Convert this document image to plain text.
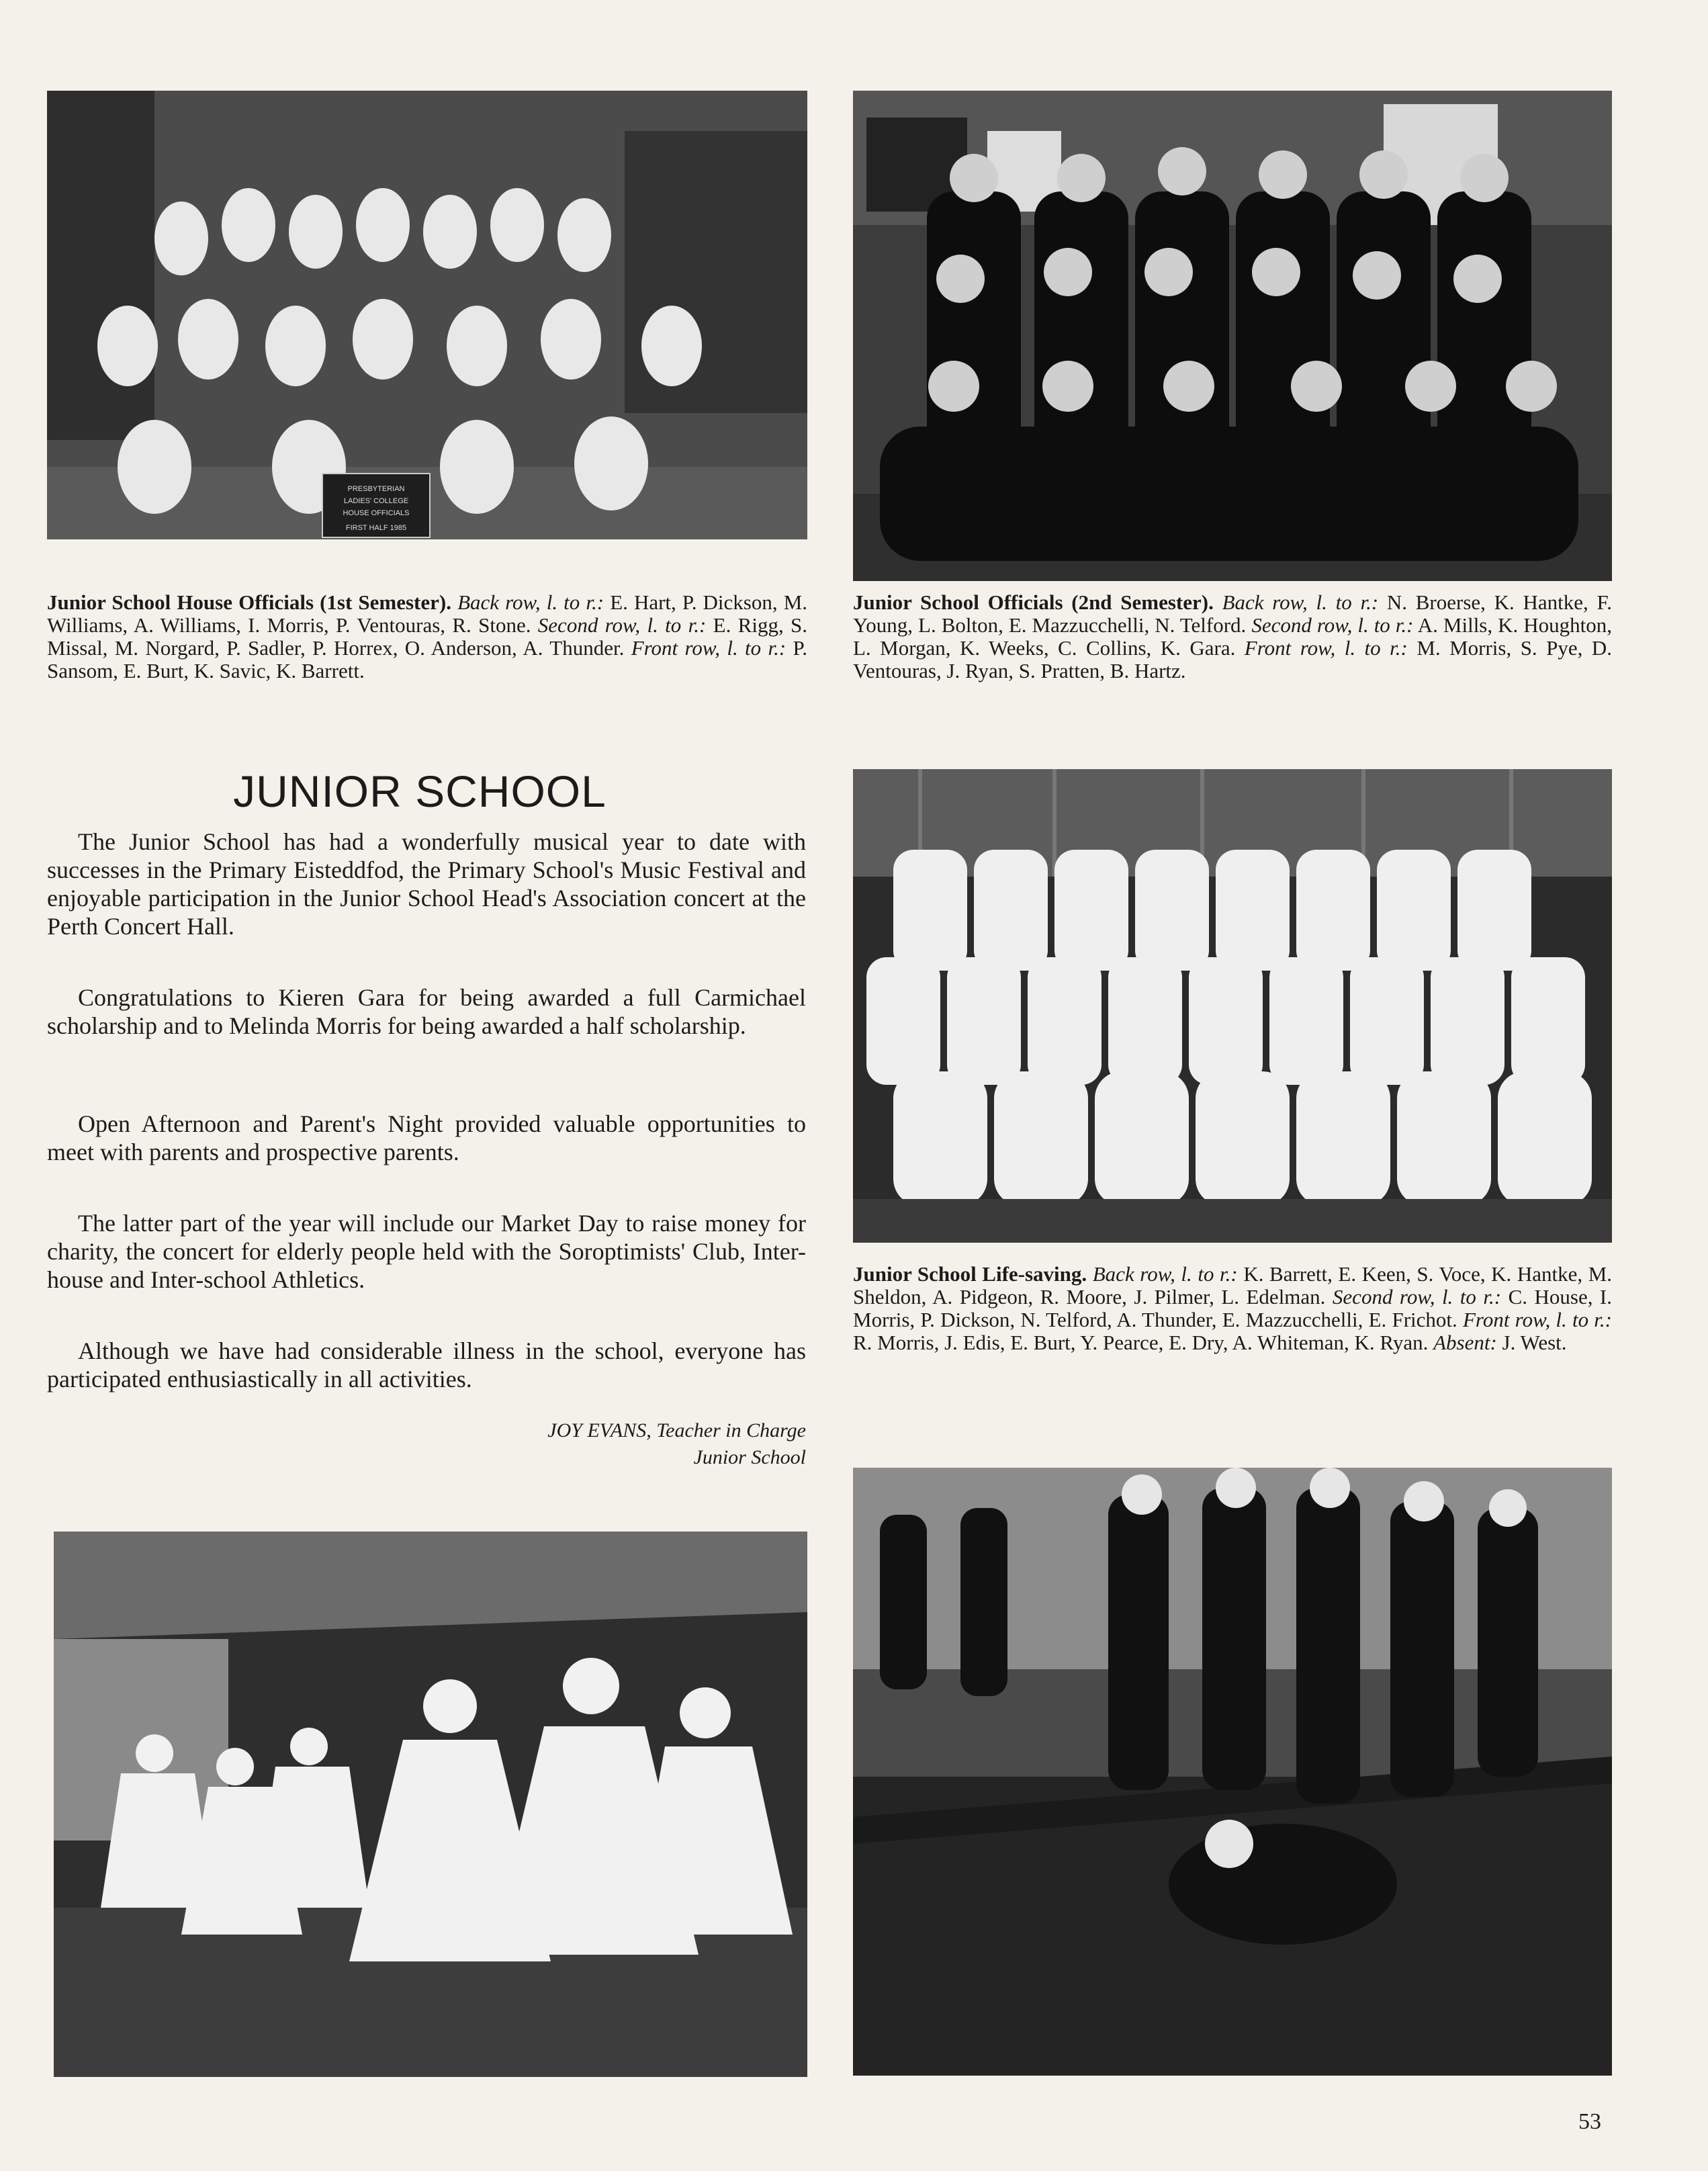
PRESBYTERIAN
LADIES' COLLEGE
HOUSE OFFICIALS
FIRST HALF 1985
Junior School House Officials (1st Semester). Back row, l. to r.: E. Hart, P. Dickson, M. Williams, A. Williams, I. Morris, P. Ventouras, R. Stone. Second row, l. to r.: E. Rigg, S. Missal, M. Norgard, P. Sadler, P. Horrex, O. Anderson, A. Thunder. Front row, l. to r.: P. Sansom, E. Burt, K. Savic, K. Barrett.
Junior School Officials (2nd Semester). Back row, l. to r.: N. Broerse, K. Hantke, F. Young, L. Bolton, E. Mazzucchelli, N. Telford. Second row, l. to r.: A. Mills, K. Houghton, L. Morgan, K. Weeks, C. Collins, K. Gara. Front row, l. to r.: M. Morris, S. Pye, D. Ventouras, J. Ryan, S. Pratten, B. Hartz.
JUNIOR SCHOOL

The Junior School has had a wonderfully musical year to date with successes in the Primary Eisteddfod, the Primary School's Music Festival and enjoyable participation in the Junior School Head's Association concert at the Perth Concert Hall.

Congratulations to Kieren Gara for being awarded a full Carmichael scholarship and to Melinda Morris for being awarded a half scholarship.

Open Afternoon and Parent's Night provided valuable opportunities to meet with parents and prospective parents.

The latter part of the year will include our Market Day to raise money for charity, the concert for elderly people held with the Soroptimists' Club, Inter-house and Inter-school Athletics.

Although we have had considerable illness in the school, everyone has participated enthusiastically in all activities.

JOY EVANS, Teacher in Charge
Junior School
Junior School Life-saving. Back row, l. to r.: K. Barrett, E. Keen, S. Voce, K. Hantke, M. Sheldon, A. Pidgeon, R. Moore, J. Pilmer, L. Edelman. Second row, l. to r.: C. House, I. Morris, P. Dickson, N. Telford, A. Thunder, E. Mazzucchelli, E. Frichot. Front row, l. to r.: R. Morris, J. Edis, E. Burt, Y. Pearce, E. Dry, A. Whiteman, K. Ryan. Absent: J. West.
53
